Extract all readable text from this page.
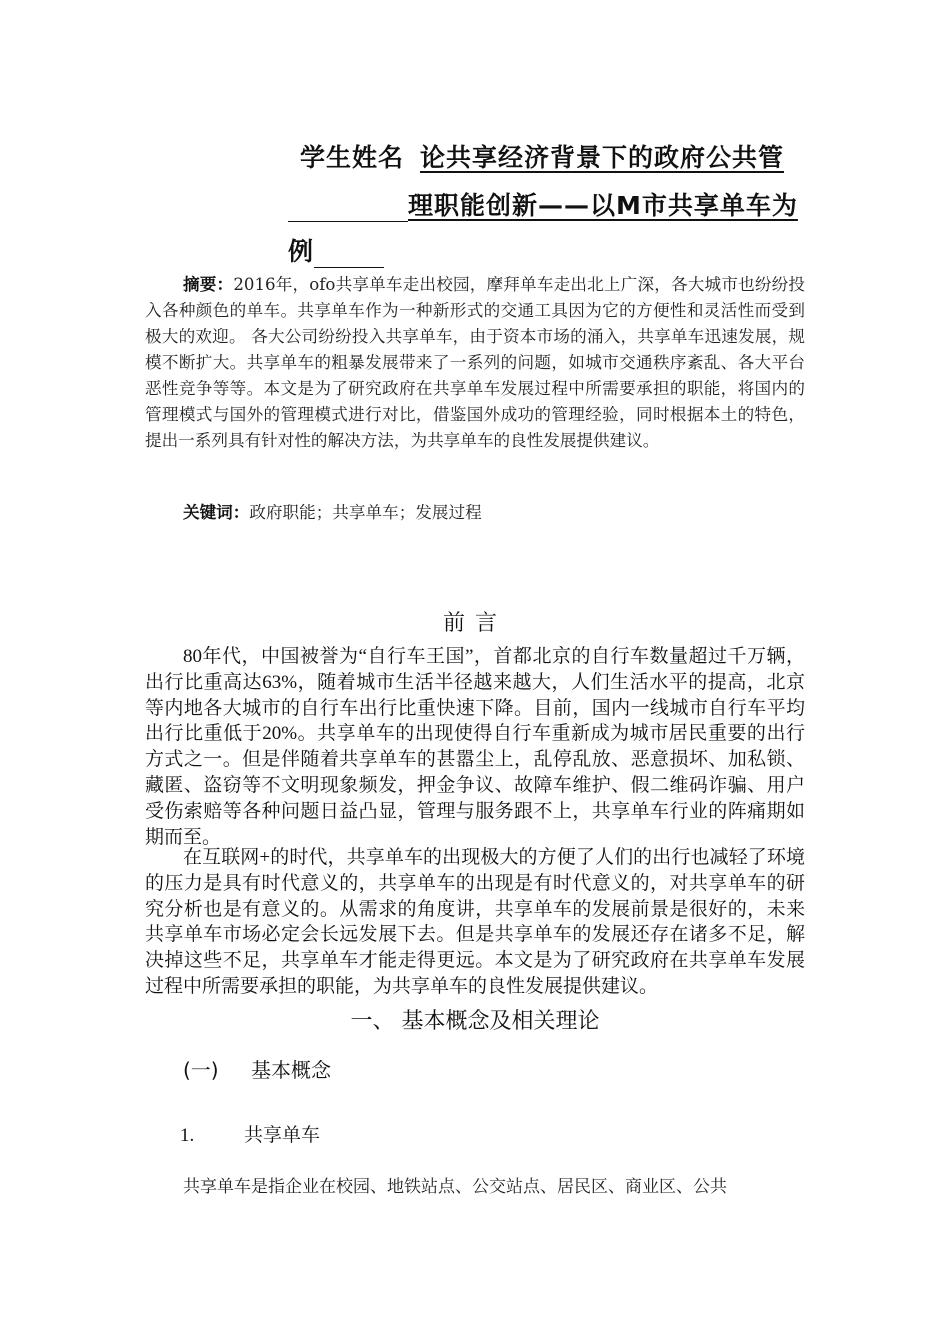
学生姓名 论共享经济背景下的政府公共管
理职能创新——以M市共享单车为
例
摘要：2016年，ofo共享单车走出校园，摩拜单车走出北上广深，各大城市也纷纷投入各种颜色的单车。共享单车作为一种新形式的交通工具因为它的方便性和灵活性而受到极大的欢迎。 各大公司纷纷投入共享单车，由于资本市场的涌入，共享单车迅速发展，规模不断扩大。共享单车的粗暴发展带来了一系列的问题，如城市交通秩序紊乱、各大平台恶性竞争等等。本文是为了研究政府在共享单车发展过程中所需要承担的职能，将国内的管理模式与国外的管理模式进行对比，借鉴国外成功的管理经验，同时根据本土的特色，提出一系列具有针对性的解决方法，为共享单车的良性发展提供建议。
关键词：政府职能；共享单车；发展过程
前言
80年代，中国被誉为“自行车王国”，首都北京的自行车数量超过千万辆，出行比重高达63%，随着城市生活半径越来越大，人们生活水平的提高，北京等内地各大城市的自行车出行比重快速下降。目前，国内一线城市自行车平均出行比重低于20%。共享单车的出现使得自行车重新成为城市居民重要的出行方式之一。但是伴随着共享单车的甚嚣尘上，乱停乱放、恶意损坏、加私锁、藏匿、盗窃等不文明现象频发，押金争议、故障车维护、假二维码诈骗、用户受伤索赔等各种问题日益凸显，管理与服务跟不上，共享单车行业的阵痛期如期而至。
在互联网+的时代，共享单车的出现极大的方便了人们的出行也减轻了环境的压力是具有时代意义的，共享单车的出现是有时代意义的，对共享单车的研究分析也是有意义的。从需求的角度讲，共享单车的发展前景是很好的，未来共享单车市场必定会长远发展下去。但是共享单车的发展还存在诸多不足，解决掉这些不足，共享单车才能走得更远。本文是为了研究政府在共享单车发展过程中所需要承担的职能，为共享单车的良性发展提供建议。
一、 基本概念及相关理论
(一) 基本概念
1.	共享单车
共享单车是指企业在校园、地铁站点、公交站点、居民区、商业区、公共
